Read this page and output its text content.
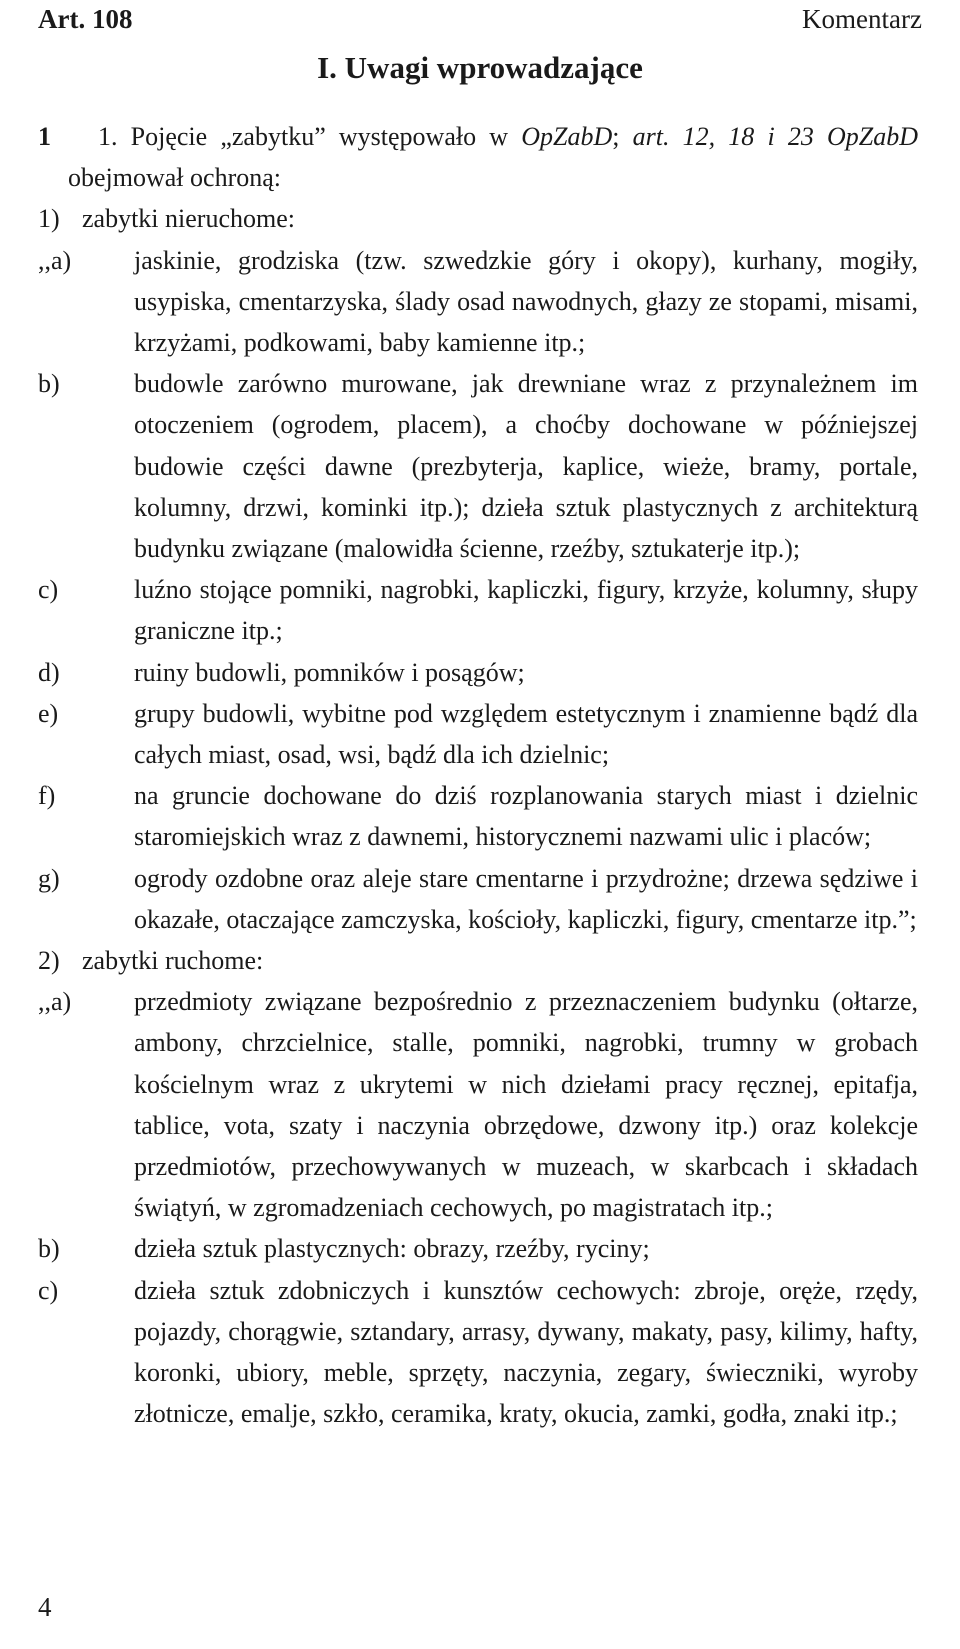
Art. 108	Komentarz
I. Uwagi wprowadzające
1	1. Pojęcie „zabytku” występowało w OpZabD; art. 12, 18 i 23 OpZabD obejmował ochroną:
1) zabytki nieruchome:
,,a)	jaskinie, grodziska (tzw. szwedzkie góry i okopy), kurhany, mogiły, usypiska, cmentarzyska, ślady osad nawodnych, głazy ze stopami, misami, krzyżami, podkowami, baby kamienne itp.;
b)	budowle zarówno murowane, jak drewniane wraz z przynależnem im otoczeniem (ogrodem, placem), a choćby dochowane w późniejszej budowie części dawne (prezbyterja, kaplice, wieże, bramy, portale, kolumny, drzwi, kominki itp.); dzieła sztuk plastycznych z architekturą budynku związane (malowidła ścienne, rzeźby, sztukaterje itp.);
c)	luźno stojące pomniki, nagrobki, kapliczki, figury, krzyże, kolumny, słupy graniczne itp.;
d)	ruiny budowli, pomników i posągów;
e)	grupy budowli, wybitne pod względem estetycznym i znamienne bądź dla całych miast, osad, wsi, bądź dla ich dzielnic;
f)	na gruncie dochowane do dziś rozplanowania starych miast i dzielnic staromiejskich wraz z dawnemi, historycznemi nazwami ulic i placów;
g)	ogrody ozdobne oraz aleje stare cmentarne i przydrożne; drzewa sędziwe i okazałe, otaczające zamczyska, kościoły, kapliczki, figury, cmentarze itp.”;
2) zabytki ruchome:
,,a)	przedmioty związane bezpośrednio z przeznaczeniem budynku (ołtarze, ambony, chrzcielnice, stalle, pomniki, nagrobki, trumny w grobach kościelnym wraz z ukrytemi w nich dziełami pracy ręcznej, epitafja, tablice, vota, szaty i naczynia obrzędowe, dzwony itp.) oraz kolekcje przedmiotów, przechowywanych w muzeach, w skarbcach i składach świątyń, w zgromadzeniach cechowych, po magistratach itp.;
b)	dzieła sztuk plastycznych: obrazy, rzeźby, ryciny;
c)	dzieła sztuk zdobniczych i kunsztów cechowych: zbroje, oręże, rzędy, pojazdy, chorągwie, sztandary, arrasy, dywany, makaty, pasy, kilimy, hafty, koronki, ubiory, meble, sprzęty, naczynia, zegary, świeczniki, wyroby złotnicze, emalje, szkło, ceramika, kraty, okucia, zamki, godła, znaki itp.;
4
